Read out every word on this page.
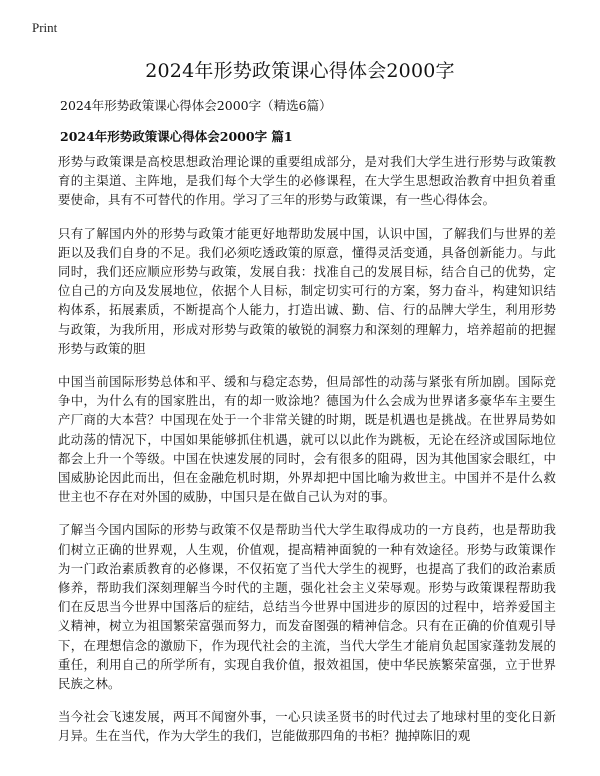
Print
2024年形势政策课心得体会2000字
2024年形势政策课心得体会2000字（精选6篇）
2024年形势政策课心得体会2000字 篇1

形势与政策课是高校思想政治理论课的重要组成部分，是对我们大学生进行形势与政策教育的主渠道、主阵地，是我们每个大学生的必修课程，在大学生思想政治教育中担负着重要使命，具有不可替代的作用。学习了三年的形势与政策课，有一些心得体会。

只有了解国内外的形势与政策才能更好地帮助发展中国，认识中国，了解我们与世界的差距以及我们自身的不足。我们必须吃透政策的原意，懂得灵活变通，具备创新能力。与此同时，我们还应顺应形势与政策，发展自我：找准自己的发展目标，结合自己的优势，定位自己的方向及发展地位，依据个人目标，制定切实可行的方案，努力奋斗，构建知识结构体系，拓展素质，不断提高个人能力，打造出诚、勤、信、行的品牌大学生，利用形势与政策，为我所用，形成对形势与政策的敏锐的洞察力和深刻的理解力，培养超前的把握形势与政策的胆

中国当前国际形势总体和平、缓和与稳定态势，但局部性的动荡与紧张有所加剧。国际竞争中，为什么有的国家胜出，有的却一败涂地？德国为什么会成为世界诸多豪华车主要生产厂商的大本营？中国现在处于一个非常关键的时期，既是机遇也是挑战。在世界局势如此动荡的情况下，中国如果能够抓住机遇，就可以以此作为跳板，无论在经济或国际地位都会上升一个等级。中国在快速发展的同时，会有很多的阻碍，因为其他国家会眼红，中国威胁论因此而出，但在金融危机时期，外界却把中国比喻为救世主。中国并不是什么救世主也不存在对外国的威胁，中国只是在做自己认为对的事。

了解当今国内国际的形势与政策不仅是帮助当代大学生取得成功的一方良药，也是帮助我们树立正确的世界观，人生观，价值观，提高精神面貌的一种有效途径。形势与政策课作为一门政治素质教育的必修课，不仅拓宽了当代大学生的视野，也提高了我们的政治素质修养，帮助我们深刻理解当今时代的主题，强化社会主义荣辱观。形势与政策课程帮助我们在反思当今世界中国落后的症结，总结当今世界中国进步的原因的过程中，培养爱国主义精神，树立为祖国繁荣富强而努力，而发奋图强的精神信念。只有在正确的价值观引导下，在理想信念的激励下，作为现代社会的主流，当代大学生才能肩负起国家蓬勃发展的重任，利用自己的所学所有，实现自我价值，报效祖国，使中华民族繁荣富强，立于世界民族之林。

当今社会飞速发展，两耳不闻窗外事，一心只读圣贤书的时代过去了地球村里的变化日新月异。生在当代，作为大学生的我们，岂能做那四角的书柜？抛掉陈旧的观
